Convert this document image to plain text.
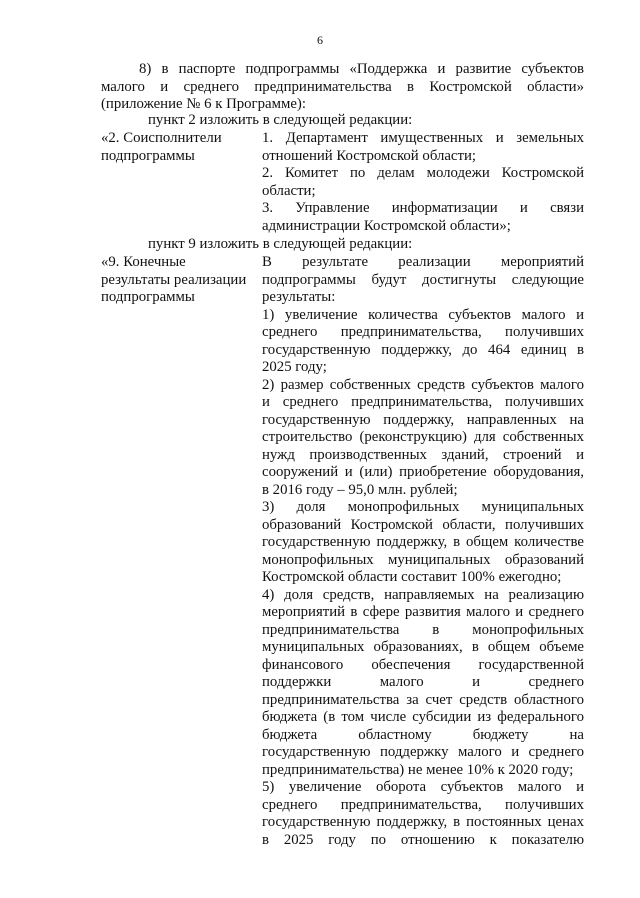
6
8) в паспорте подпрограммы «Поддержка и развитие субъектов
малого и среднего предпринимательства в Костромской области»
(приложение № 6 к Программе):
пункт 2 изложить в следующей редакции:
«2. Соисполнители
подпрограммы
1. Департамент имущественных и земельных
отношений Костромской области;
2. Комитет по делам молодежи Костромской
области;
3. Управление информатизации и связи
администрации Костромской области»;
пункт 9 изложить в следующей редакции:
«9. Конечные
результаты реализации
подпрограммы
В результате реализации мероприятий
подпрограммы будут достигнуты следующие
результаты:
1) увеличение количества субъектов малого и
среднего предпринимательства, получивших
государственную поддержку, до 464 единиц в
2025 году;
2) размер собственных средств субъектов малого
и среднего предпринимательства, получивших
государственную поддержку, направленных на
строительство (реконструкцию) для собственных
нужд производственных зданий, строений и
сооружений и (или) приобретение оборудования,
в 2016 году – 95,0 млн. рублей;
3) доля монопрофильных муниципальных
образований Костромской области, получивших
государственную поддержку, в общем количестве
монопрофильных муниципальных образований
Костромской области составит 100% ежегодно;
4) доля средств, направляемых на реализацию
мероприятий в сфере развития малого и среднего
предпринимательства в монопрофильных
муниципальных образованиях, в общем объеме
финансового обеспечения государственной
поддержки малого и среднего
предпринимательства за счет средств областного
бюджета (в том числе субсидии из федерального
бюджета областному бюджету на
государственную поддержку малого и среднего
предпринимательства) не менее 10% к 2020 году;
5) увеличение оборота субъектов малого и
среднего предпринимательства, получивших
государственную поддержку, в постоянных ценах
в 2025 году по отношению к показателю
